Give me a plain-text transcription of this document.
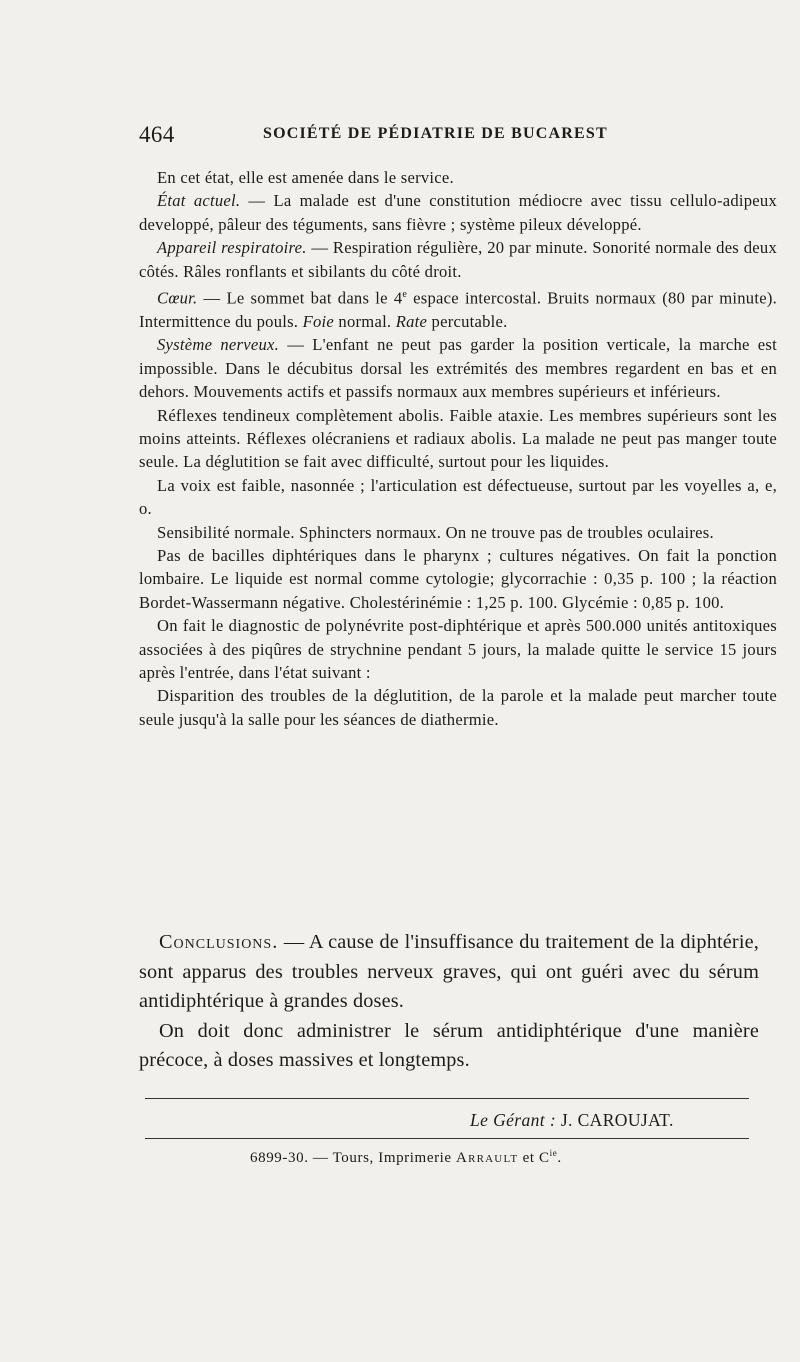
464	SOCIÉTÉ DE PÉDIATRIE DE BUCAREST

En cet état, elle est amenée dans le service.

État actuel. — La malade est d'une constitution médiocre avec tissu cellulo-adipeux developpé, pâleur des téguments, sans fièvre ; système pileux développé.

Appareil respiratoire. — Respiration régulière, 20 par minute. Sonorité normale des deux côtés. Râles ronflants et sibilants du côté droit.

Cœur. — Le sommet bat dans le 4e espace intercostal. Bruits normaux (80 par minute). Intermittence du pouls. Foie normal. Rate percutable.

Système nerveux. — L'enfant ne peut pas garder la position verticale, la marche est impossible. Dans le décubitus dorsal les extrémités des membres regardent en bas et en dehors. Mouvements actifs et passifs normaux aux membres supérieurs et inférieurs.

Réflexes tendineux complètement abolis. Faible ataxie. Les membres supérieurs sont les moins atteints. Réflexes olécraniens et radiaux abolis. La malade ne peut pas manger toute seule. La déglutition se fait avec difficulté, surtout pour les liquides.

La voix est faible, nasonnée ; l'articulation est défectueuse, surtout par les voyelles a, e, o.

Sensibilité normale. Sphincters normaux. On ne trouve pas de troubles oculaires.

Pas de bacilles diphtériques dans le pharynx ; cultures négatives. On fait la ponction lombaire. Le liquide est normal comme cytologie; glycorrachie : 0,35 p. 100 ; la réaction Bordet-Wassermann négative. Cholestérinémie : 1,25 p. 100. Glycémie : 0,85 p. 100.

On fait le diagnostic de polynévrite post-diphtérique et après 500.000 unités antitoxiques associées à des piqûres de strychnine pendant 5 jours, la malade quitte le service 15 jours après l'entrée, dans l'état suivant :

Disparition des troubles de la déglutition, de la parole et la malade peut marcher toute seule jusqu'à la salle pour les séances de diathermie.

Conclusions. — A cause de l'insuffisance du traitement de la diphtérie, sont apparus des troubles nerveux graves, qui ont guéri avec du sérum antidiphtérique à grandes doses.

On doit donc administrer le sérum antidiphtérique d'une manière précoce, à doses massives et longtemps.

Le Gérant : J. CAROUJAT.
6899-30. — Tours, Imprimerie Arrault et $C^{ie}$.
